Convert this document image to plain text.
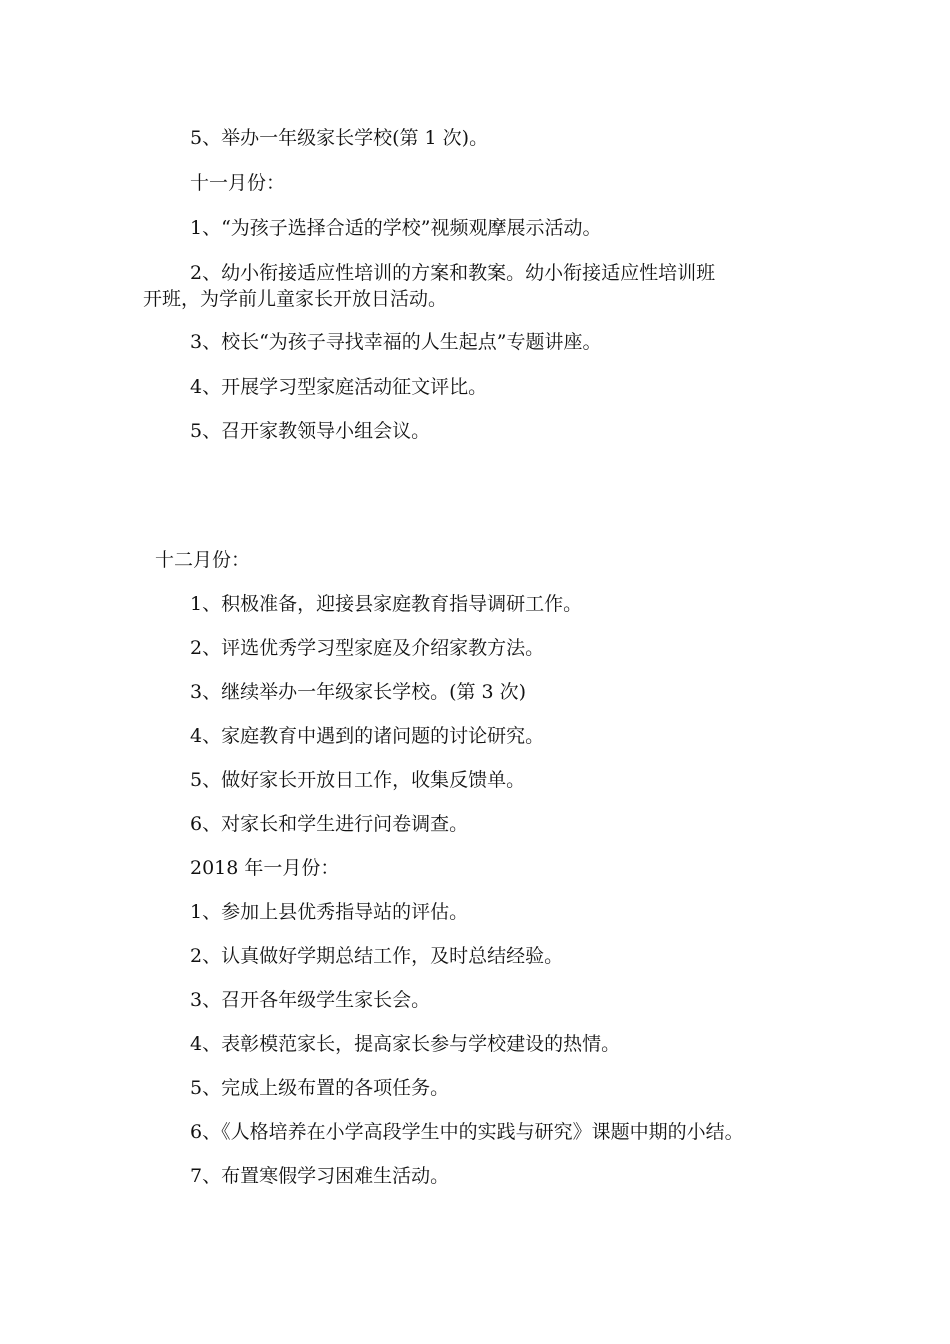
5、举办一年级家长学校(第 1 次)。
十一月份：
1、“为孩子选择合适的学校”视频观摩展示活动。
2、幼小衔接适应性培训的方案和教案。幼小衔接适应性培训班
开班，为学前儿童家长开放日活动。
3、校长“为孩子寻找幸福的人生起点”专题讲座。
4、开展学习型家庭活动征文评比。
5、召开家教领导小组会议。
十二月份：
1、积极准备，迎接县家庭教育指导调研工作。
2、评选优秀学习型家庭及介绍家教方法。
3、继续举办一年级家长学校。(第 3 次)
4、家庭教育中遇到的诸问题的讨论研究。
5、做好家长开放日工作，收集反馈单。
6、对家长和学生进行问卷调查。
2018 年一月份：
1、参加上县优秀指导站的评估。
2、认真做好学期总结工作，及时总结经验。
3、召开各年级学生家长会。
4、表彰模范家长，提高家长参与学校建设的热情。
5、完成上级布置的各项任务。
6、《人格培养在小学高段学生中的实践与研究》课题中期的小结。
7、布置寒假学习困难生活动。
